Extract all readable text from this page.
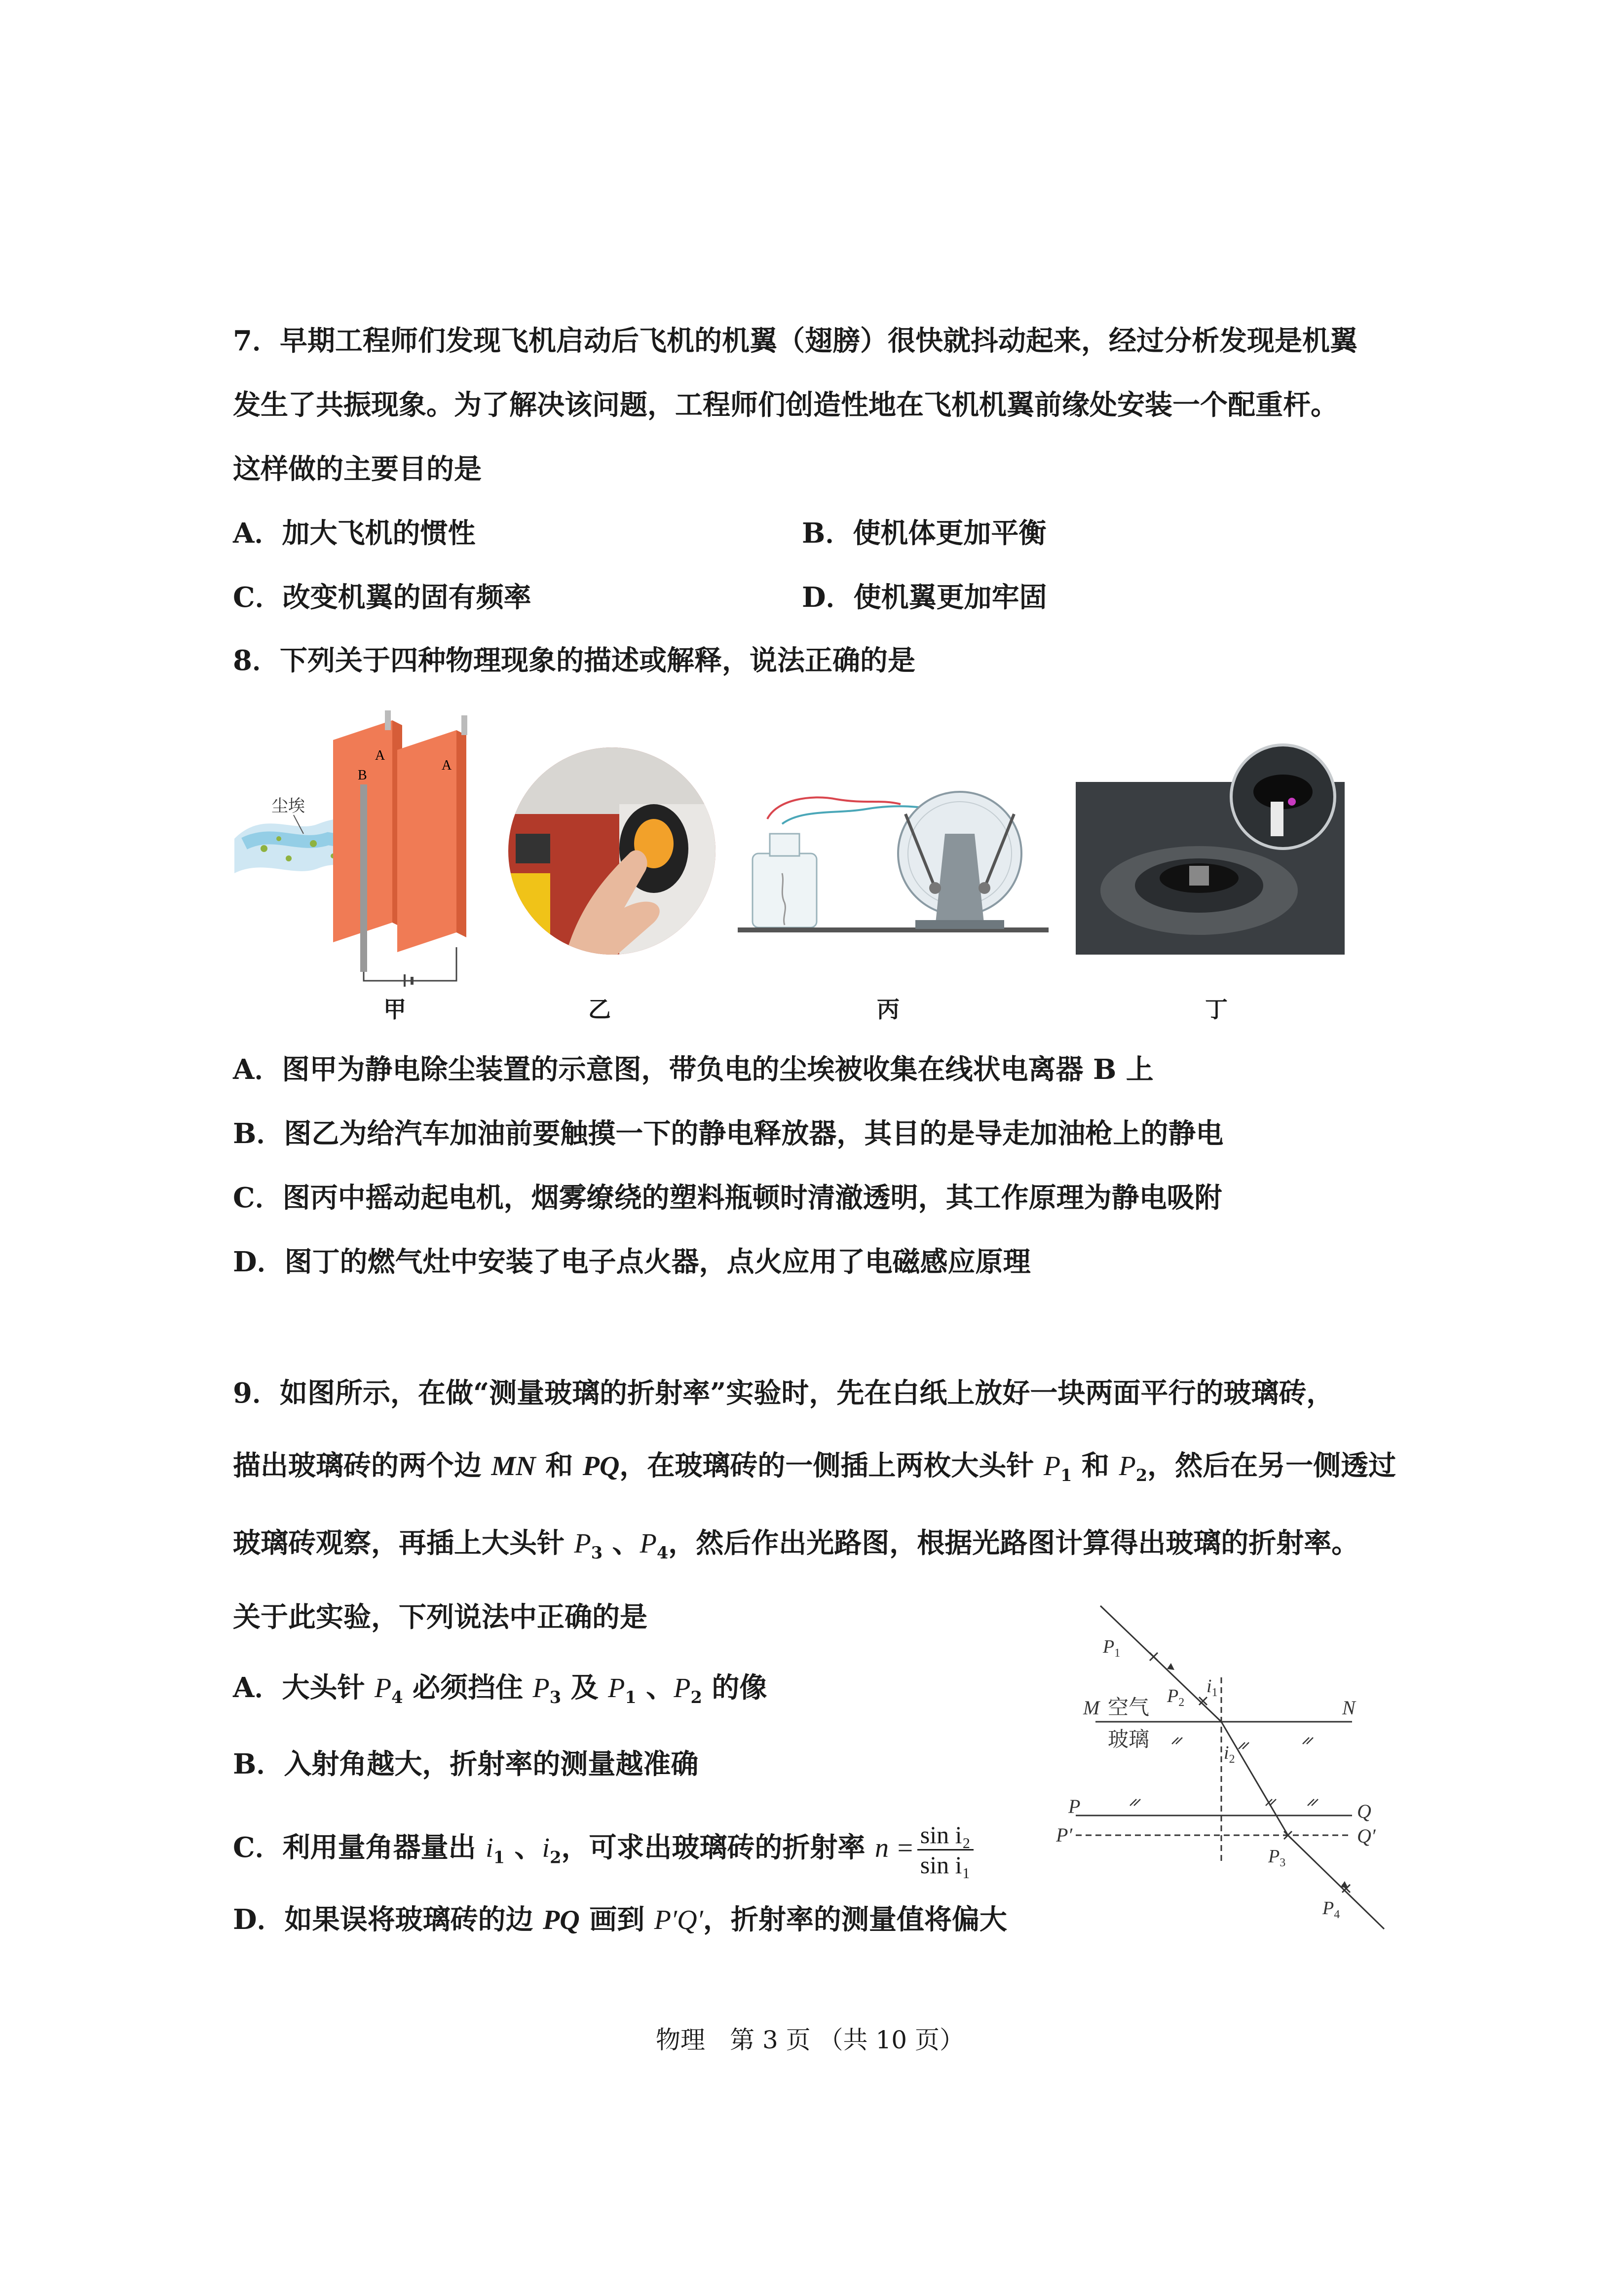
7．早期工程师们发现飞机启动后飞机的机翼（翅膀）很快就抖动起来，经过分析发现是机翼
发生了共振现象。为了解决该问题，工程师们创造性地在飞机机翼前缘处安装一个配重杆。
这样做的主要目的是
A．加大飞机的惯性	B．使机体更加平衡
C．改变机翼的固有频率	D．使机翼更加牢固
8．下列关于四种物理现象的描述或解释，说法正确的是
尘埃
A
A
B
甲	乙	丙	丁
A．图甲为静电除尘装置的示意图，带负电的尘埃被收集在线状电离器 B 上
B．图乙为给汽车加油前要触摸一下的静电释放器，其目的是导走加油枪上的静电
C．图丙中摇动起电机，烟雾缭绕的塑料瓶顿时清澈透明，其工作原理为静电吸附
D．图丁的燃气灶中安装了电子点火器，点火应用了电磁感应原理
9．如图所示，在做“测量玻璃的折射率”实验时，先在白纸上放好一块两面平行的玻璃砖，
描出玻璃砖的两个边 MN 和 PQ，在玻璃砖的一侧插上两枚大头针 $P_1$ 和 $P_2$，然后在另一侧透过
玻璃砖观察，再插上大头针 $P_3$ 、$P_4$，然后作出光路图，根据光路图计算得出玻璃的折射率。
关于此实验，下列说法中正确的是
A．大头针 $P_4$ 必须挡住 $P_3$ 及 $P_1$ 、$P_2$ 的像
B．入射角越大，折射率的测量越准确
C．利用量角器量出 $i_1$ 、$i_2$，可求出玻璃砖的折射率 $n = \frac{\text{sin i₂}}{\text{sin i₁}}$
D．如果误将玻璃砖的边 PQ 画到 P′Q′，折射率的测量值将偏大
M	N
P	Q
P′	Q′
空气
玻璃
$P_1$
$P_2$
$i_1$
$i_2$
$P_3$
$P_4$
物理　第 3 页 （共 10 页）
